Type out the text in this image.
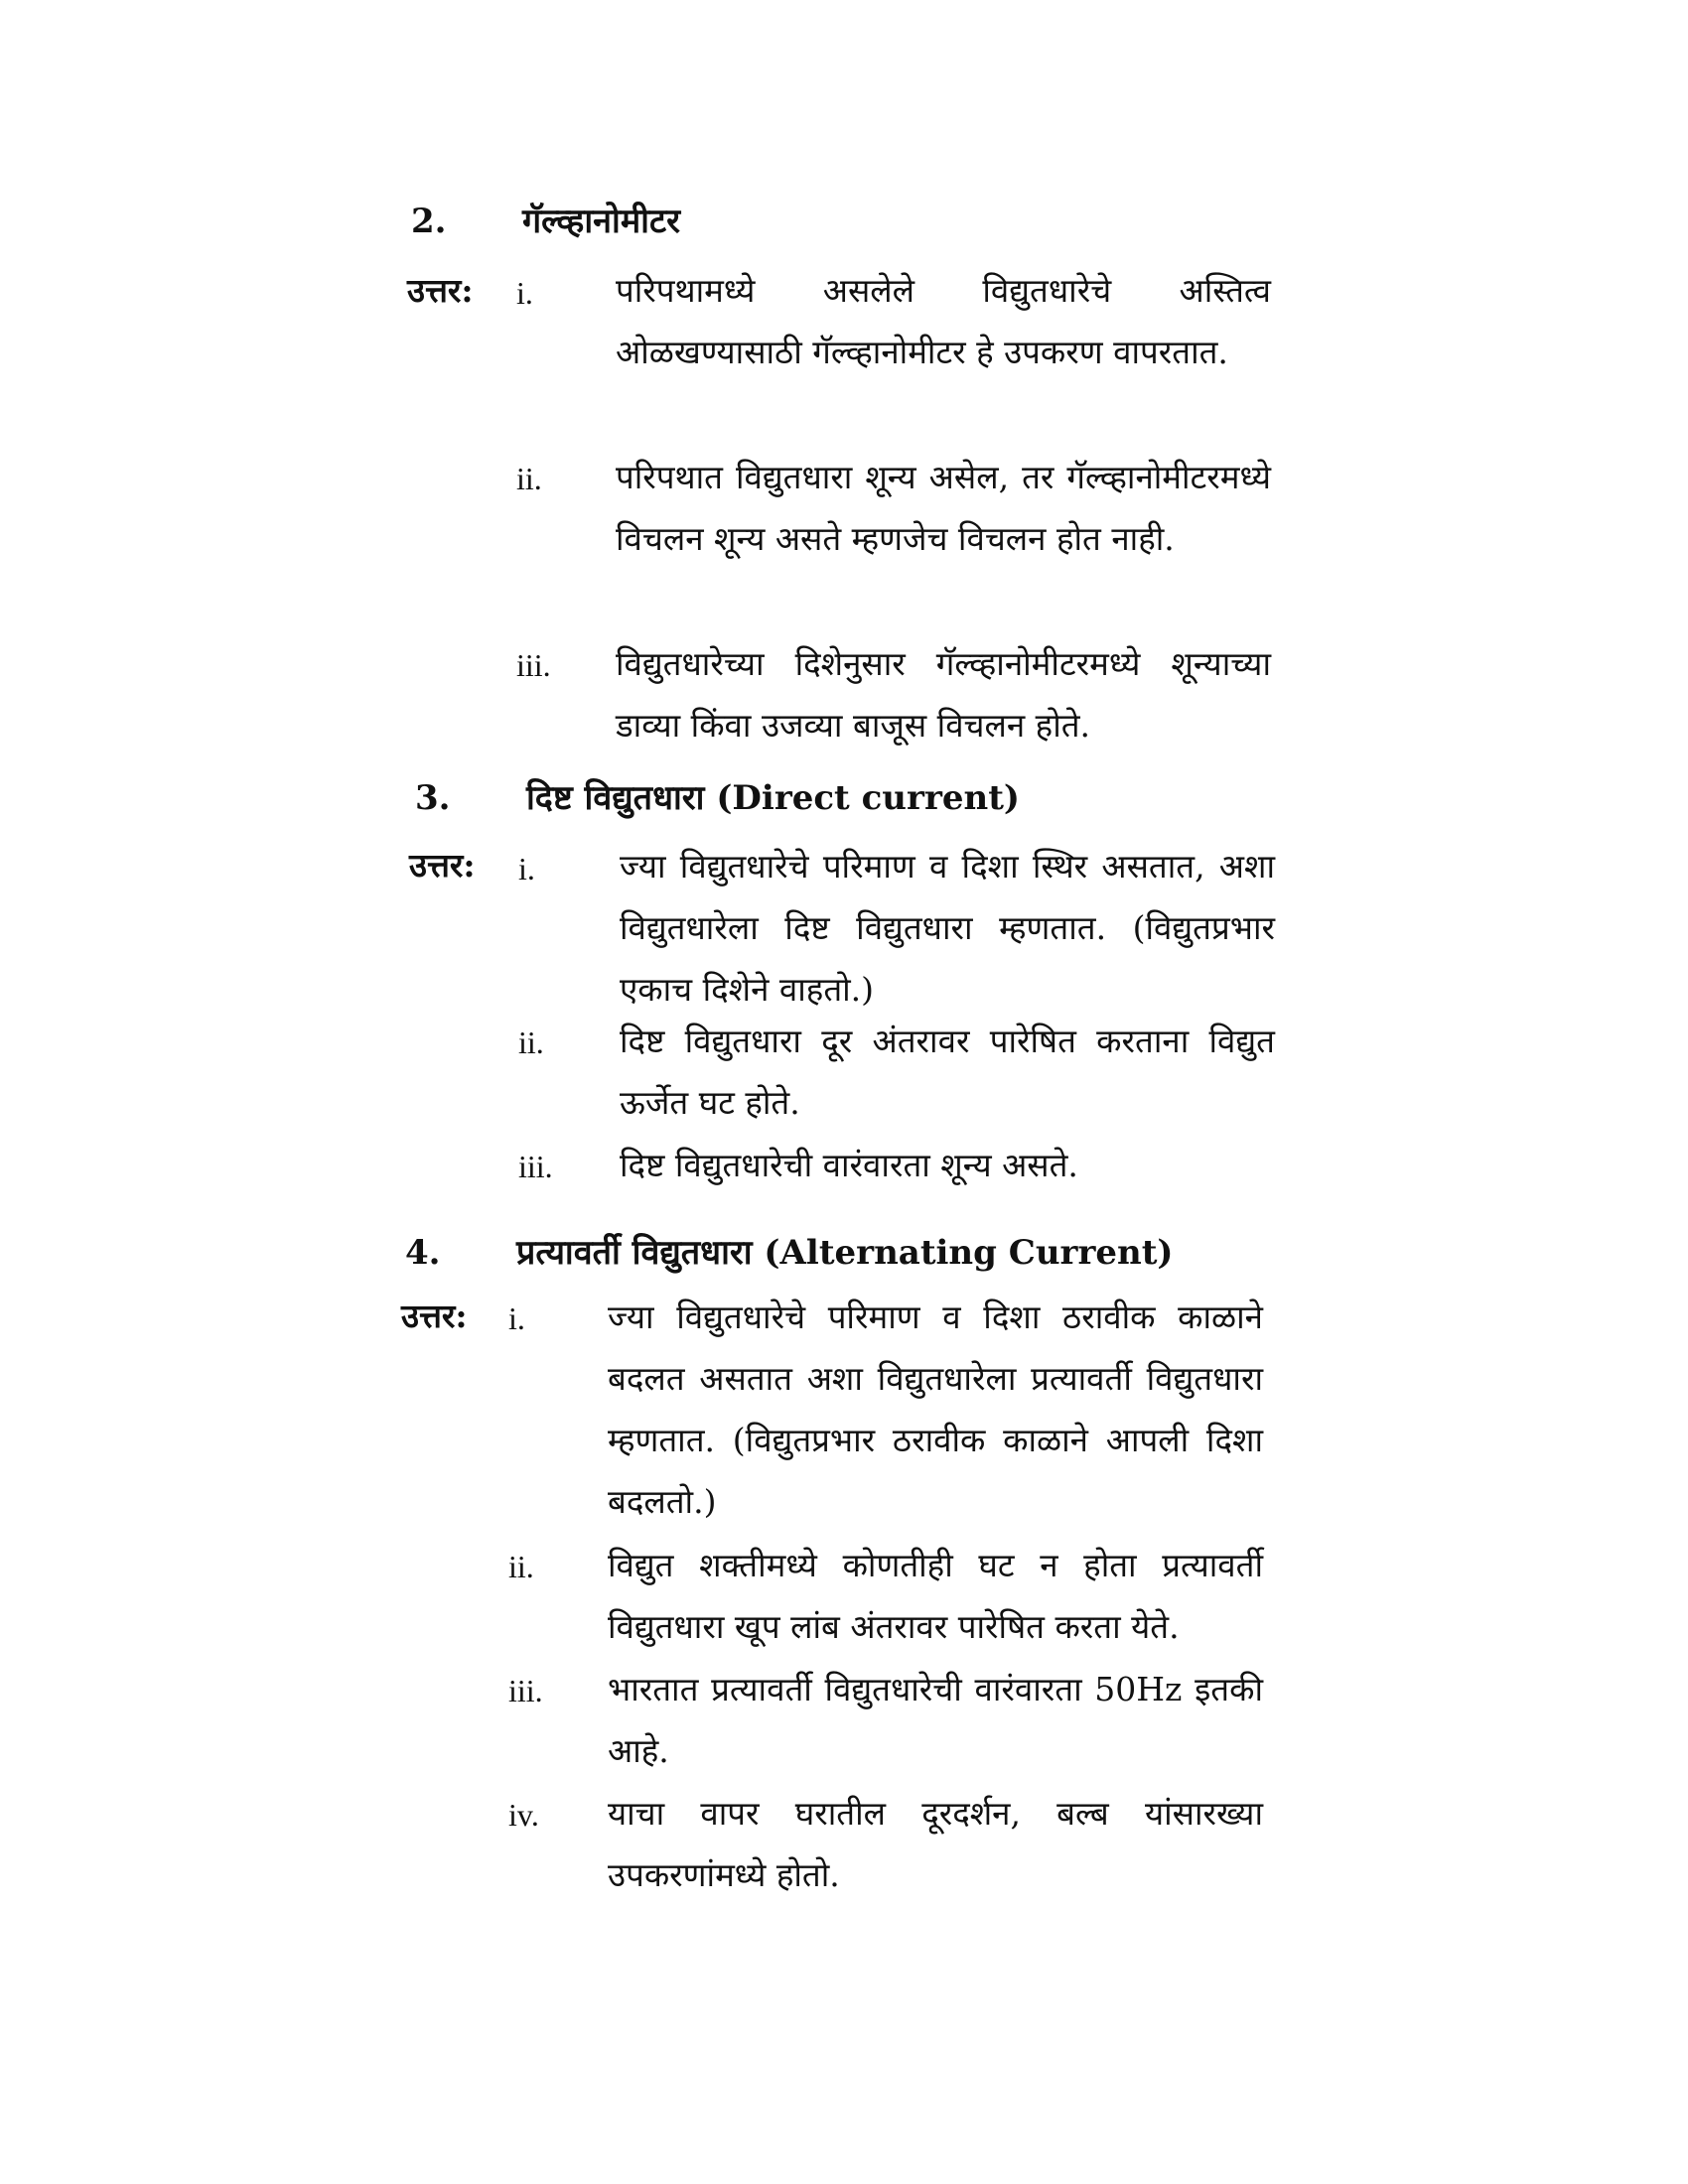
2. गॅल्व्हानोमीटर
उत्तर: i.	परिपथामध्ये असलेले विद्युतधारेचे अस्तित्व ओळखण्यासाठी गॅल्व्हानोमीटर हे उपकरण वापरतात.
ii. परिपथात विद्युतधारा शून्य असेल, तर गॅल्व्हानोमीटरमध्ये विचलन शून्य असते म्हणजेच विचलन होत नाही.
iii. विद्युतधारेच्या दिशेनुसार गॅल्व्हानोमीटरमध्ये शून्याच्या डाव्या किंवा उजव्या बाजूस विचलन होते.
3. दिष्ट विद्युतधारा (Direct current)
उत्तर: i.	ज्या विद्युतधारेचे परिमाण व दिशा स्थिर असतात, अशा विद्युतधारेला दिष्ट विद्युतधारा म्हणतात. (विद्युतप्रभार एकाच दिशेने वाहतो.)
ii. दिष्ट विद्युतधारा दूर अंतरावर पारेषित करताना विद्युत ऊर्जेत घट होते.
iii. दिष्ट विद्युतधारेची वारंवारता शून्य असते.
4. प्रत्यावर्ती विद्युतधारा (Alternating Current)
उत्तर: i.	ज्या विद्युतधारेचे परिमाण व दिशा ठरावीक काळाने बदलत असतात अशा विद्युतधारेला प्रत्यावर्ती विद्युतधारा म्हणतात. (विद्युतप्रभार ठरावीक काळाने आपली दिशा बदलतो.)
ii. विद्युत शक्तीमध्ये कोणतीही घट न होता प्रत्यावर्ती विद्युतधारा खूप लांब अंतरावर पारेषित करता येते.
iii. भारतात प्रत्यावर्ती विद्युतधारेची वारंवारता 50Hz इतकी आहे.
iv. याचा वापर घरातील दूरदर्शन, बल्ब यांसारख्या उपकरणांमध्ये होतो.
